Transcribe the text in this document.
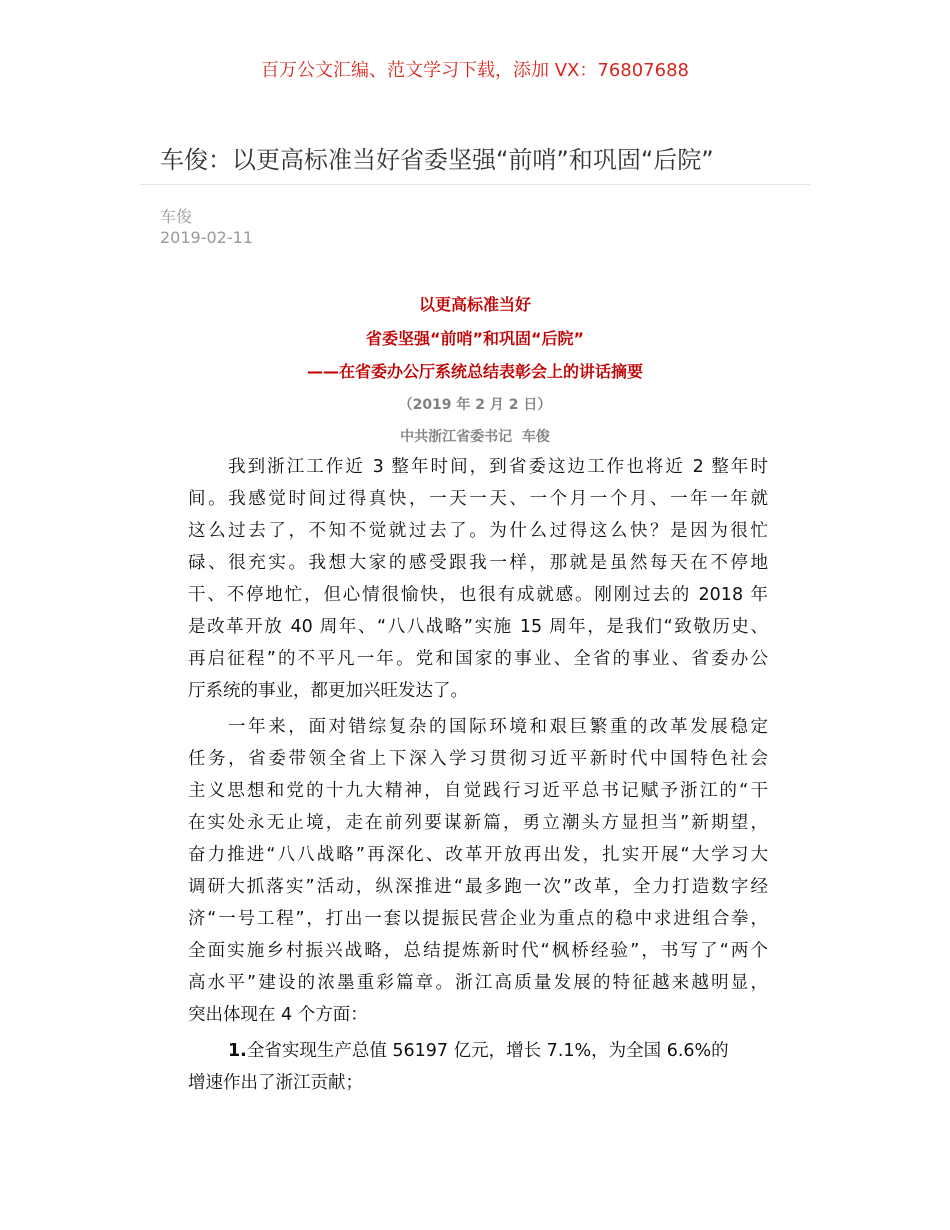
百万公文汇编、范文学习下载，添加 VX：76807688
车俊：以更高标准当好省委坚强“前哨”和巩固“后院”
车俊
2019-02-11
以更高标准当好
省委坚强“前哨”和巩固“后院”
——在省委办公厅系统总结表彰会上的讲话摘要
（2019 年 2 月 2 日）
中共浙江省委书记  车俊
我到浙江工作近 3 整年时间，到省委这边工作也将近 2 整年时
间。我感觉时间过得真快，一天一天、一个月一个月、一年一年就
这么过去了，不知不觉就过去了。为什么过得这么快？是因为很忙
碌、很充实。我想大家的感受跟我一样，那就是虽然每天在不停地
干、不停地忙，但心情很愉快，也很有成就感。刚刚过去的 2018 年
是改革开放 40 周年、“八八战略”实施 15 周年，是我们“致敬历史、
再启征程”的不平凡一年。党和国家的事业、全省的事业、省委办公
厅系统的事业，都更加兴旺发达了。
一年来，面对错综复杂的国际环境和艰巨繁重的改革发展稳定
任务，省委带领全省上下深入学习贯彻习近平新时代中国特色社会
主义思想和党的十九大精神，自觉践行习近平总书记赋予浙江的“干
在实处永无止境，走在前列要谋新篇，勇立潮头方显担当”新期望，
奋力推进“八八战略”再深化、改革开放再出发，扎实开展“大学习大
调研大抓落实”活动，纵深推进“最多跑一次”改革，全力打造数字经
济“一号工程”，打出一套以提振民营企业为重点的稳中求进组合拳，
全面实施乡村振兴战略，总结提炼新时代“枫桥经验”，书写了“两个
高水平”建设的浓墨重彩篇章。浙江高质量发展的特征越来越明显，
突出体现在 4 个方面：
1.全省实现生产总值 56197 亿元，增长 7.1%，为全国 6.6%的
增速作出了浙江贡献；
